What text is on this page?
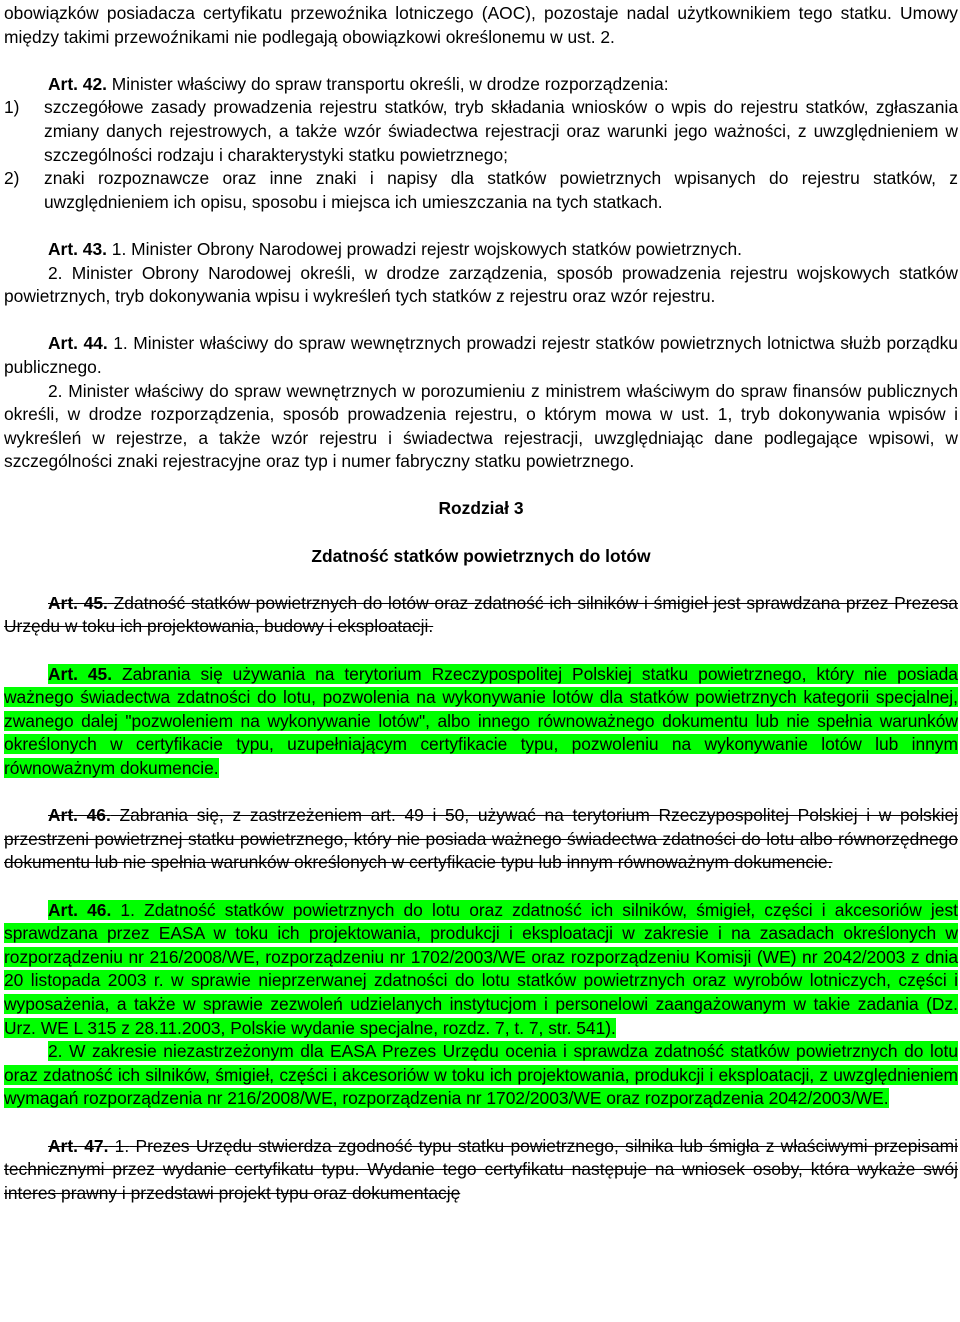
obowiązków posiadacza certyfikatu przewoźnika lotniczego (AOC), pozostaje nadal użytkownikiem tego statku. Umowy między takimi przewoźnikami nie podlegają obowiązkowi określonemu w ust. 2.

Art. 42. Minister właściwy do spraw transportu określi, w drodze rozporządzenia:

1) szczegółowe zasady prowadzenia rejestru statków, tryb składania wniosków o wpis do rejestru statków, zgłaszania zmiany danych rejestrowych, a także wzór świadectwa rejestracji oraz warunki jego ważności, z uwzględnieniem w szczególności rodzaju i charakterystyki statku powietrznego;

2) znaki rozpoznawcze oraz inne znaki i napisy dla statków powietrznych wpisanych do rejestru statków, z uwzględnieniem ich opisu, sposobu i miejsca ich umieszczania na tych statkach.

Art. 43. 1. Minister Obrony Narodowej prowadzi rejestr wojskowych statków powietrznych.

2. Minister Obrony Narodowej określi, w drodze zarządzenia, sposób prowadzenia rejestru wojskowych statków powietrznych, tryb dokonywania wpisu i wykreśleń tych statków z rejestru oraz wzór rejestru.

Art. 44. 1. Minister właściwy do spraw wewnętrznych prowadzi rejestr statków powietrznych lotnictwa służb porządku publicznego.

2. Minister właściwy do spraw wewnętrznych w porozumieniu z ministrem właściwym do spraw finansów publicznych określi, w drodze rozporządzenia, sposób prowadzenia rejestru, o którym mowa w ust. 1, tryb dokonywania wpisów i wykreśleń w rejestrze, a także wzór rejestru i świadectwa rejestracji, uwzględniając dane podlegające wpisowi, w szczególności znaki rejestracyjne oraz typ i numer fabryczny statku powietrznego.

Rozdział 3

Zdatność statków powietrznych do lotów

Art. 45. Zdatność statków powietrznych do lotów oraz zdatność ich silników i śmigieł jest sprawdzana przez Prezesa Urzędu w toku ich projektowania, budowy i eksploatacji.

Art. 45. Zabrania się używania na terytorium Rzeczypospolitej Polskiej statku powietrznego, który nie posiada ważnego świadectwa zdatności do lotu, pozwolenia na wykonywanie lotów dla statków powietrznych kategorii specjalnej, zwanego dalej "pozwoleniem na wykonywanie lotów", albo innego równoważnego dokumentu lub nie spełnia warunków określonych w certyfikacie typu, uzupełniającym certyfikacie typu, pozwoleniu na wykonywanie lotów lub innym równoważnym dokumencie.

Art. 46. Zabrania się, z zastrzeżeniem art. 49 i 50, używać na terytorium Rzeczypospolitej Polskiej i w polskiej przestrzeni powietrznej statku powietrznego, który nie posiada ważnego świadectwa zdatności do lotu albo równorzędnego dokumentu lub nie spełnia warunków określonych w certyfikacie typu lub innym równoważnym dokumencie.

Art. 46. 1. Zdatność statków powietrznych do lotu oraz zdatność ich silników, śmigieł, części i akcesoriów jest sprawdzana przez EASA w toku ich projektowania, produkcji i eksploatacji w zakresie i na zasadach określonych w rozporządzeniu nr 216/2008/WE, rozporządzeniu nr 1702/2003/WE oraz rozporządzeniu Komisji (WE) nr 2042/2003 z dnia 20 listopada 2003 r. w sprawie nieprzerwanej zdatności do lotu statków powietrznych oraz wyrobów lotniczych, części i wyposażenia, a także w sprawie zezwoleń udzielanych instytucjom i personelowi zaangażowanym w takie zadania (Dz. Urz. WE L 315 z 28.11.2003, Polskie wydanie specjalne, rozdz. 7, t. 7, str. 541).

2. W zakresie niezastrzeżonym dla EASA Prezes Urzędu ocenia i sprawdza zdatność statków powietrznych do lotu oraz zdatność ich silników, śmigieł, części i akcesoriów w toku ich projektowania, produkcji i eksploatacji, z uwzględnieniem wymagań rozporządzenia nr 216/2008/WE, rozporządzenia nr 1702/2003/WE oraz rozporządzenia 2042/2003/WE.

Art. 47. 1. Prezes Urzędu stwierdza zgodność typu statku powietrznego, silnika lub śmigła z właściwymi przepisami technicznymi przez wydanie certyfikatu typu. Wydanie tego certyfikatu następuje na wniosek osoby, która wykaże swój interes prawny i przedstawi projekt typu oraz dokumentację
